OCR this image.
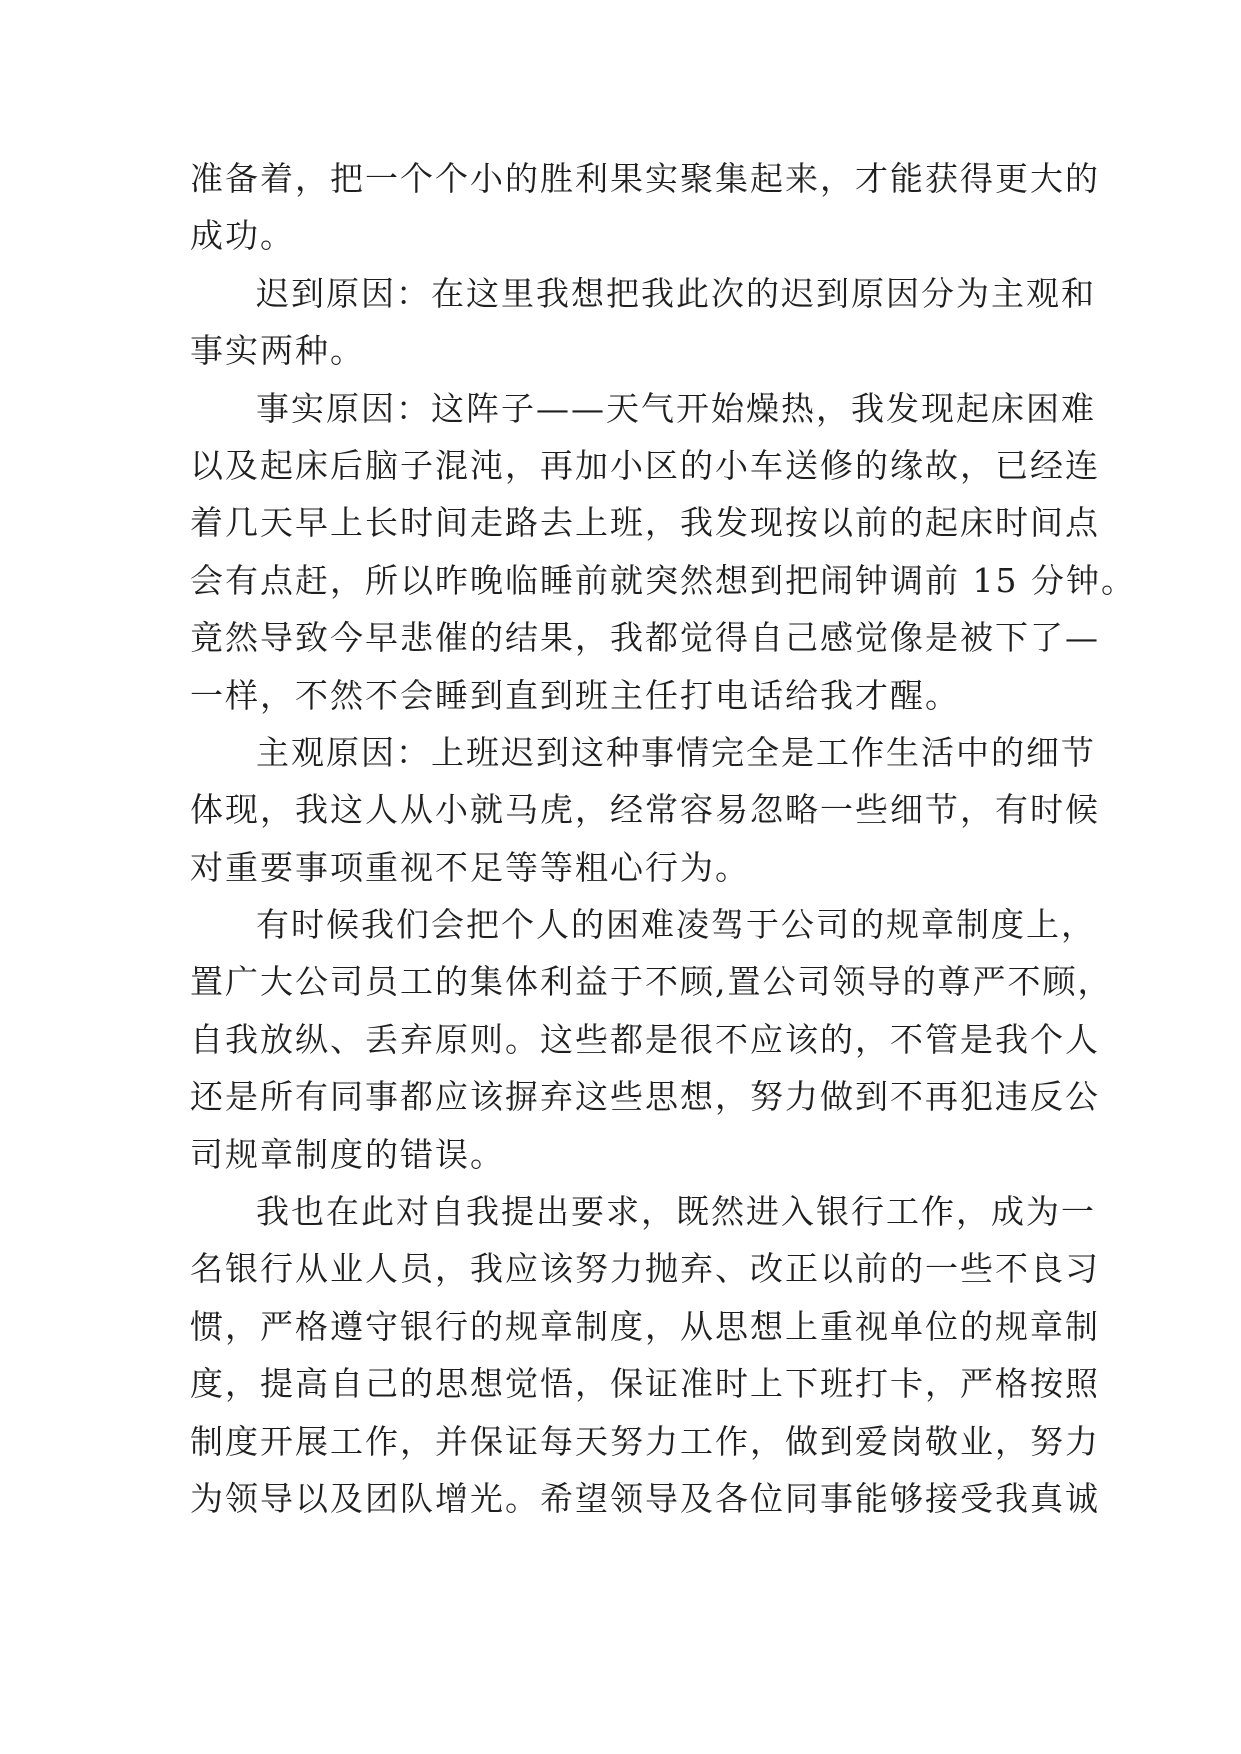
准备着，把一个个小的胜利果实聚集起来，才能获得更大的
成功。
迟到原因：在这里我想把我此次的迟到原因分为主观和
事实两种。
事实原因：这阵子——天气开始燥热，我发现起床困难
以及起床后脑子混沌，再加小区的小车送修的缘故，已经连
着几天早上长时间走路去上班，我发现按以前的起床时间点
会有点赶，所以昨晚临睡前就突然想到把闹钟调前 15 分钟。
竟然导致今早悲催的结果，我都觉得自己感觉像是被下了—
一样，不然不会睡到直到班主任打电话给我才醒。
主观原因：上班迟到这种事情完全是工作生活中的细节
体现，我这人从小就马虎，经常容易忽略一些细节，有时候
对重要事项重视不足等等粗心行为。
有时候我们会把个人的困难凌驾于公司的规章制度上，
置广大公司员工的集体利益于不顾,置公司领导的尊严不顾，
自我放纵、丢弃原则。这些都是很不应该的，不管是我个人
还是所有同事都应该摒弃这些思想，努力做到不再犯违反公
司规章制度的错误。
我也在此对自我提出要求，既然进入银行工作，成为一
名银行从业人员，我应该努力抛弃、改正以前的一些不良习
惯，严格遵守银行的规章制度，从思想上重视单位的规章制
度，提高自己的思想觉悟，保证准时上下班打卡，严格按照
制度开展工作，并保证每天努力工作，做到爱岗敬业，努力
为领导以及团队增光。希望领导及各位同事能够接受我真诚
